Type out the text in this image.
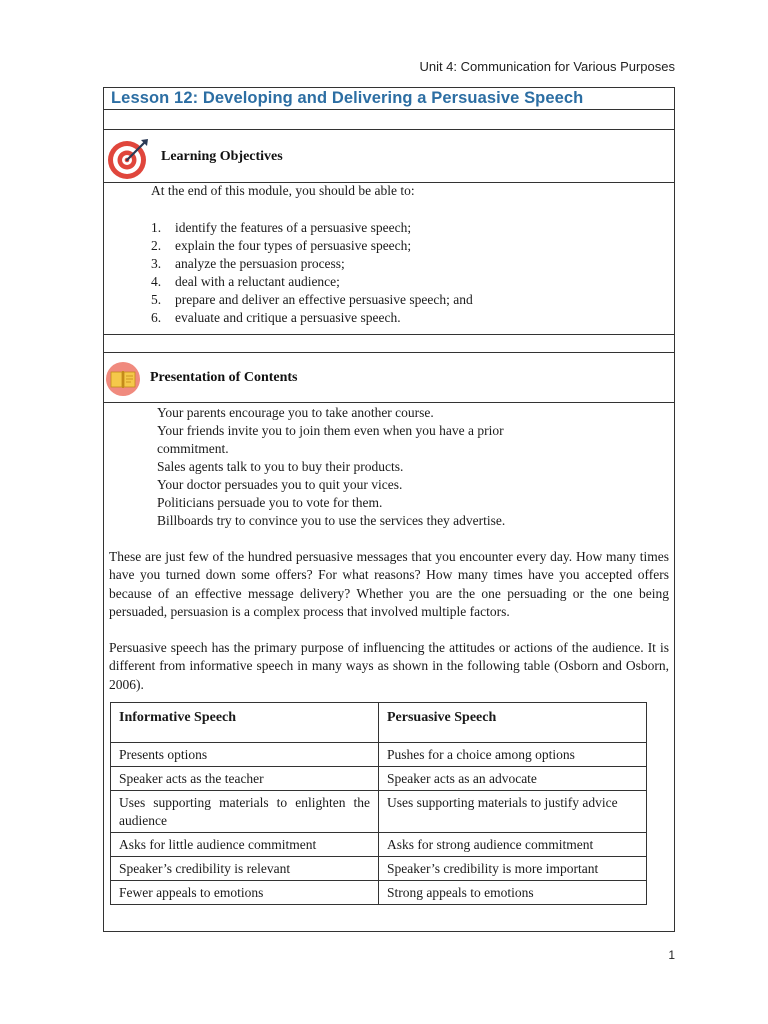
Unit 4: Communication for Various Purposes
Lesson 12: Developing and Delivering a Persuasive Speech
Learning Objectives
At the end of this module, you should be able to:
1. identify the features of a persuasive speech;
2. explain the four types of persuasive speech;
3. analyze the persuasion process;
4. deal with a reluctant audience;
5. prepare and deliver an effective persuasive speech; and
6. evaluate and critique a persuasive speech.
Presentation of Contents
Your parents encourage you to take another course.
Your friends invite you to join them even when you have a prior commitment.
Sales agents talk to you to buy their products.
Your doctor persuades you to quit your vices.
Politicians persuade you to vote for them.
Billboards try to convince you to use the services they advertise.

These are just few of the hundred persuasive messages that you encounter every day. How many times have you turned down some offers? For what reasons? How many times have you accepted offers because of an effective message delivery? Whether you are the one persuading or the one being persuaded, persuasion is a complex process that involved multiple factors.

Persuasive speech has the primary purpose of influencing the attitudes or actions of the audience. It is different from informative speech in many ways as shown in the following table (Osborn and Osborn, 2006).

Informative Speech	Persuasive Speech
Presents options	Pushes for a choice among options
Speaker acts as the teacher	Speaker acts as an advocate
Uses supporting materials to enlighten the audience	Uses supporting materials to justify advice
Asks for little audience commitment	Asks for strong audience commitment
Speaker’s credibility is relevant	Speaker’s credibility is more important
Fewer appeals to emotions	Strong appeals to emotions
1
